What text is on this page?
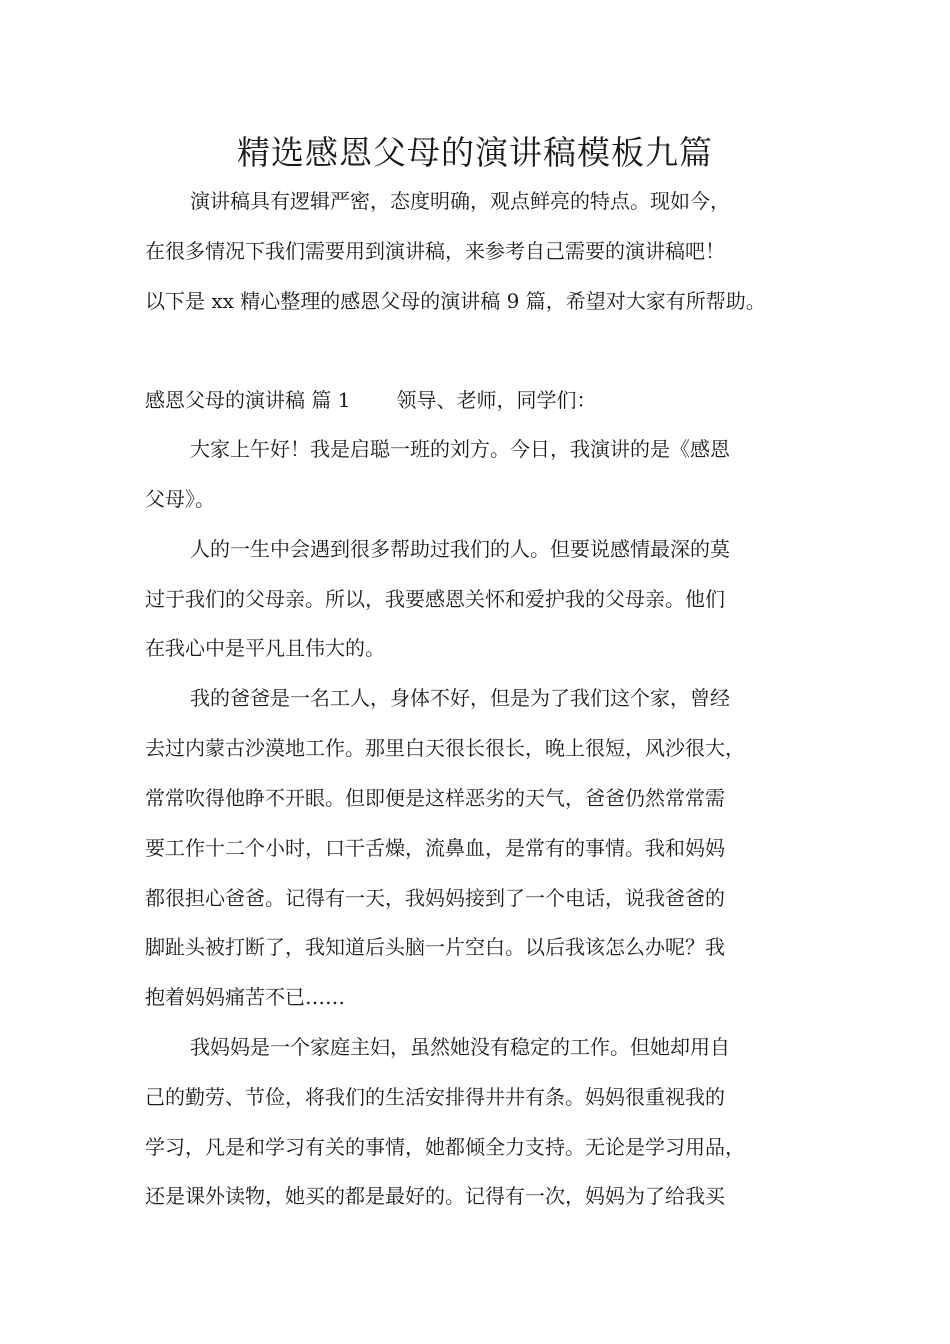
精选感恩父母的演讲稿模板九篇

演讲稿具有逻辑严密，态度明确，观点鲜亮的特点。现如今，

在很多情况下我们需要用到演讲稿，来参考自己需要的演讲稿吧！

以下是 xx 精心整理的感恩父母的演讲稿 9 篇，希望对大家有所帮助。

感恩父母的演讲稿 篇 1 领导、老师，同学们：

大家上午好！我是启聪一班的刘方。今日，我演讲的是《感恩

父母》。

人的一生中会遇到很多帮助过我们的人。但要说感情最深的莫

过于我们的父母亲。所以，我要感恩关怀和爱护我的父母亲。他们

在我心中是平凡且伟大的。

我的爸爸是一名工人，身体不好，但是为了我们这个家，曾经

去过内蒙古沙漠地工作。那里白天很长很长，晚上很短，风沙很大，

常常吹得他睁不开眼。但即便是这样恶劣的天气，爸爸仍然常常需

要工作十二个小时，口干舌燥，流鼻血，是常有的事情。我和妈妈

都很担心爸爸。记得有一天，我妈妈接到了一个电话，说我爸爸的

脚趾头被打断了，我知道后头脑一片空白。以后我该怎么办呢？我

抱着妈妈痛苦不已……

我妈妈是一个家庭主妇，虽然她没有稳定的工作。但她却用自

己的勤劳、节俭，将我们的生活安排得井井有条。妈妈很重视我的

学习，凡是和学习有关的事情，她都倾全力支持。无论是学习用品，

还是课外读物，她买的都是最好的。记得有一次，妈妈为了给我买
